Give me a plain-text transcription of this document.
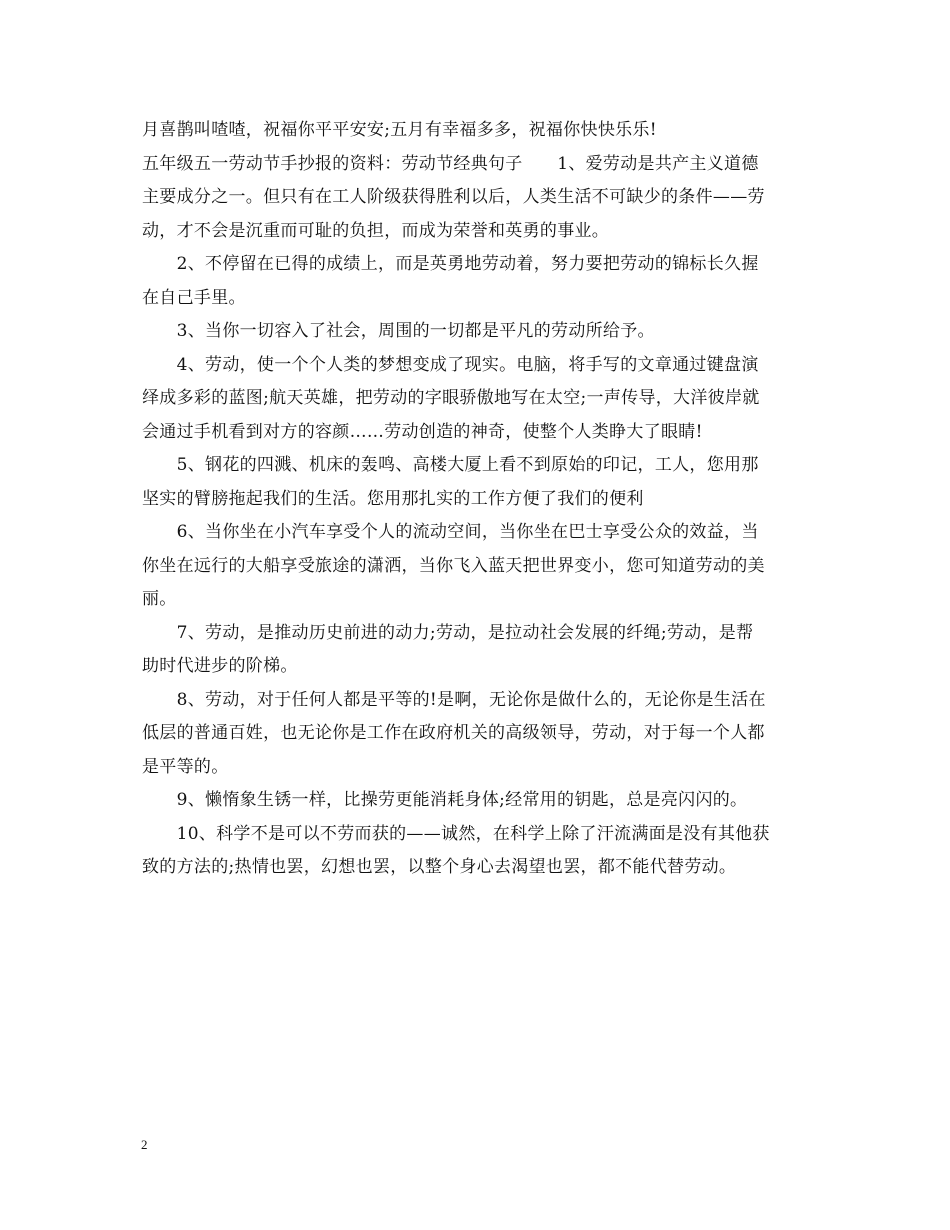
月喜鹊叫喳喳，祝福你平平安安;五月有幸福多多，祝福你快快乐乐!
五年级五一劳动节手抄报的资料：劳动节经典句子　　1、爱劳动是共产主义道德
主要成分之一。但只有在工人阶级获得胜利以后，人类生活不可缺少的条件——劳
动，才不会是沉重而可耻的负担，而成为荣誉和英勇的事业。
　　2、不停留在已得的成绩上，而是英勇地劳动着，努力要把劳动的锦标长久握
在自己手里。
　　3、当你一切容入了社会，周围的一切都是平凡的劳动所给予。
　　4、劳动，使一个个人类的梦想变成了现实。电脑，将手写的文章通过键盘演
绎成多彩的蓝图;航天英雄，把劳动的字眼骄傲地写在太空;一声传导，大洋彼岸就
会通过手机看到对方的容颜……劳动创造的神奇，使整个人类睁大了眼睛!
　　5、钢花的四溅、机床的轰鸣、高楼大厦上看不到原始的印记，工人，您用那
坚实的臂膀拖起我们的生活。您用那扎实的工作方便了我们的便利
　　6、当你坐在小汽车享受个人的流动空间，当你坐在巴士享受公众的效益，当
你坐在远行的大船享受旅途的潇洒，当你飞入蓝天把世界变小，您可知道劳动的美
丽。
　　7、劳动，是推动历史前进的动力;劳动，是拉动社会发展的纤绳;劳动，是帮
助时代进步的阶梯。
　　8、劳动，对于任何人都是平等的!是啊，无论你是做什么的，无论你是生活在
低层的普通百姓，也无论你是工作在政府机关的高级领导，劳动，对于每一个人都
是平等的。
　　9、懒惰象生锈一样，比操劳更能消耗身体;经常用的钥匙，总是亮闪闪的。
　　10、科学不是可以不劳而获的——诚然，在科学上除了汗流满面是没有其他获
致的方法的;热情也罢，幻想也罢，以整个身心去渴望也罢，都不能代替劳动。
2
